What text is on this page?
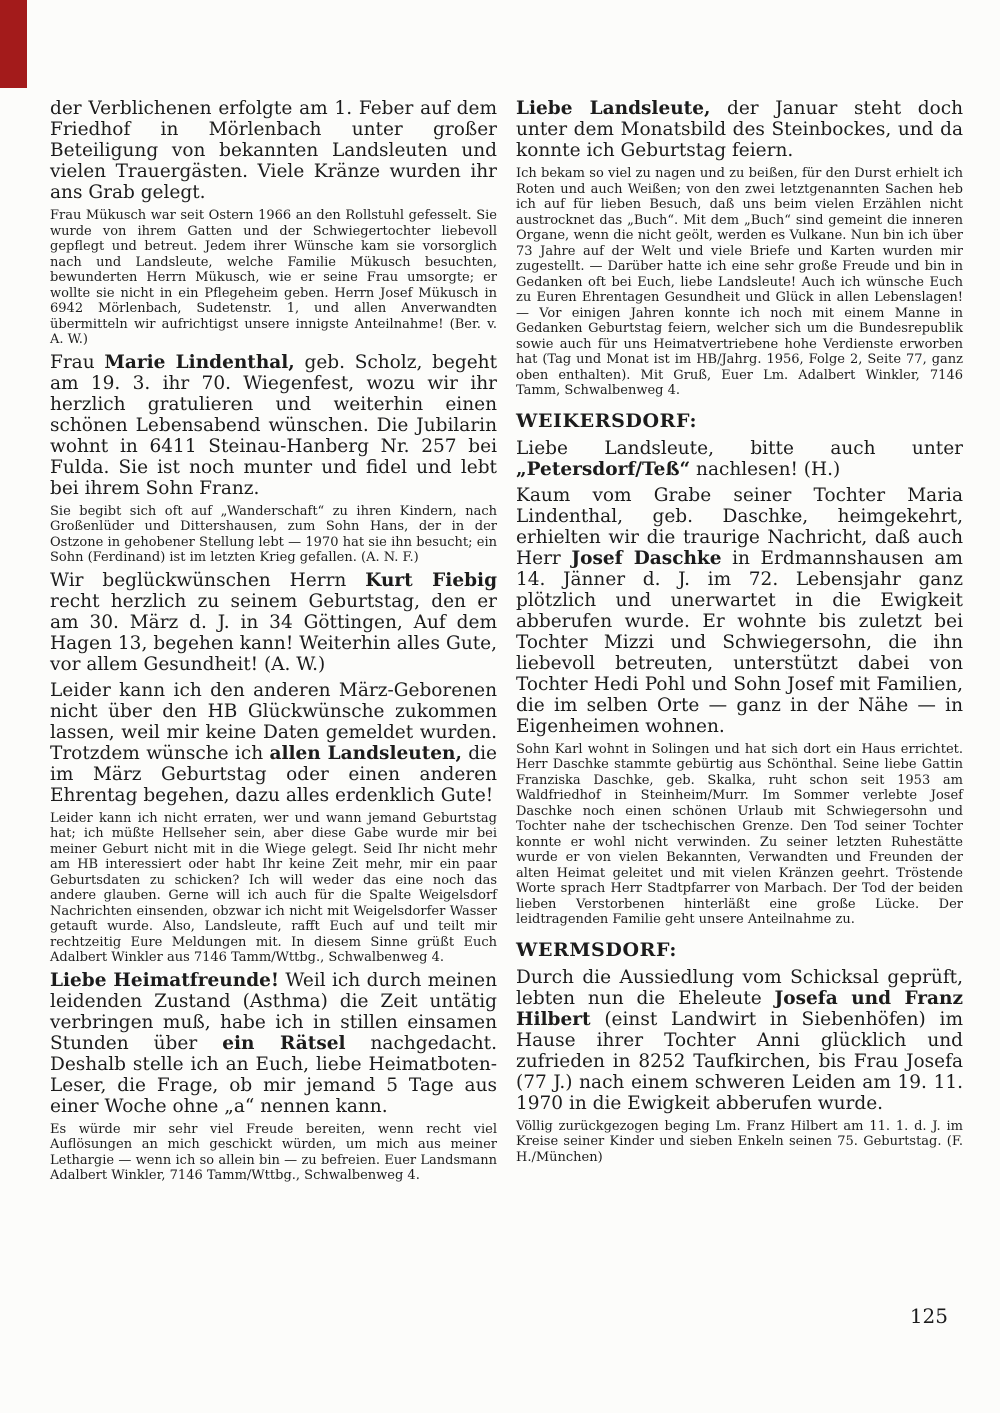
der Verblichenen erfolgte am 1. Feber auf dem Friedhof in Mörlenbach unter großer Beteiligung von bekannten Landsleuten und vielen Trauergästen. Viele Kränze wurden ihr ans Grab gelegt.

Frau Mükusch war seit Ostern 1966 an den Rollstuhl gefesselt. Sie wurde von ihrem Gatten und der Schwiegertochter liebevoll gepflegt und betreut. Jedem ihrer Wünsche kam sie vorsorglich nach und Landsleute, welche Familie Mükusch besuchten, bewunderten Herrn Mükusch, wie er seine Frau umsorgte; er wollte sie nicht in ein Pflegeheim geben. Herrn Josef Mükusch in 6942 Mörlenbach, Sudetenstr. 1, und allen Anverwandten übermitteln wir aufrichtigst unsere innigste Anteilnahme! (Ber. v. A. W.)

Frau Marie Lindenthal, geb. Scholz, begeht am 19. 3. ihr 70. Wiegenfest, wozu wir ihr herzlich gratulieren und weiterhin einen schönen Lebensabend wünschen. Die Jubilarin wohnt in 6411 Steinau-Hanberg Nr. 257 bei Fulda. Sie ist noch munter und fidel und lebt bei ihrem Sohn Franz.

Sie begibt sich oft auf „Wanderschaft“ zu ihren Kindern, nach Großenlüder und Dittershausen, zum Sohn Hans, der in der Ostzone in gehobener Stellung lebt — 1970 hat sie ihn besucht; ein Sohn (Ferdinand) ist im letzten Krieg gefallen. (A. N. F.)

Wir beglückwünschen Herrn Kurt Fiebig recht herzlich zu seinem Geburtstag, den er am 30. März d. J. in 34 Göttingen, Auf dem Hagen 13, begehen kann! Weiterhin alles Gute, vor allem Gesundheit! (A. W.)

Leider kann ich den anderen März-Geborenen nicht über den HB Glückwünsche zukommen lassen, weil mir keine Daten gemeldet wurden. Trotzdem wünsche ich allen Landsleuten, die im März Geburtstag oder einen anderen Ehrentag begehen, dazu alles erdenklich Gute!

Leider kann ich nicht erraten, wer und wann jemand Geburtstag hat; ich müßte Hellseher sein, aber diese Gabe wurde mir bei meiner Geburt nicht mit in die Wiege gelegt. Seid Ihr nicht mehr am HB interessiert oder habt Ihr keine Zeit mehr, mir ein paar Geburtsdaten zu schicken? Ich will weder das eine noch das andere glauben. Gerne will ich auch für die Spalte Weigelsdorf Nachrichten einsenden, obzwar ich nicht mit Weigelsdorfer Wasser getauft wurde. Also, Landsleute, rafft Euch auf und teilt mir rechtzeitig Eure Meldungen mit. In diesem Sinne grüßt Euch Adalbert Winkler aus 7146 Tamm/Wttbg., Schwalbenweg 4.

Liebe Heimatfreunde! Weil ich durch meinen leidenden Zustand (Asthma) die Zeit untätig verbringen muß, habe ich in stillen einsamen Stunden über ein Rätsel nachgedacht. Deshalb stelle ich an Euch, liebe Heimatboten-Leser, die Frage, ob mir jemand 5 Tage aus einer Woche ohne „a“ nennen kann.

Es würde mir sehr viel Freude bereiten, wenn recht viel Auflösungen an mich geschickt würden, um mich aus meiner Lethargie — wenn ich so allein bin — zu befreien. Euer Landsmann Adalbert Winkler, 7146 Tamm/Wttbg., Schwalbenweg 4.

Liebe Landsleute, der Januar steht doch unter dem Monatsbild des Steinbockes, und da konnte ich Geburtstag feiern.

Ich bekam so viel zu nagen und zu beißen, für den Durst erhielt ich Roten und auch Weißen; von den zwei letztgenannten Sachen heb ich auf für lieben Besuch, daß uns beim vielen Erzählen nicht austrocknet das „Buch“. Mit dem „Buch“ sind gemeint die inneren Organe, wenn die nicht geölt, werden es Vulkane. Nun bin ich über 73 Jahre auf der Welt und viele Briefe und Karten wurden mir zugestellt. — Darüber hatte ich eine sehr große Freude und bin in Gedanken oft bei Euch, liebe Landsleute! Auch ich wünsche Euch zu Euren Ehrentagen Gesundheit und Glück in allen Lebenslagen! — Vor einigen Jahren konnte ich noch mit einem Manne in Gedanken Geburtstag feiern, welcher sich um die Bundesrepublik sowie auch für uns Heimatvertriebene hohe Verdienste erworben hat (Tag und Monat ist im HB/Jahrg. 1956, Folge 2, Seite 77, ganz oben enthalten). Mit Gruß, Euer Lm. Adalbert Winkler, 7146 Tamm, Schwalbenweg 4.

WEIKERSDORF:

Liebe Landsleute, bitte auch unter „Petersdorf/Teß“ nachlesen! (H.)

Kaum vom Grabe seiner Tochter Maria Lindenthal, geb. Daschke, heimgekehrt, erhielten wir die traurige Nachricht, daß auch Herr Josef Daschke in Erdmannshausen am 14. Jänner d. J. im 72. Lebensjahr ganz plötzlich und unerwartet in die Ewigkeit abberufen wurde. Er wohnte bis zuletzt bei Tochter Mizzi und Schwiegersohn, die ihn liebevoll betreuten, unterstützt dabei von Tochter Hedi Pohl und Sohn Josef mit Familien, die im selben Orte — ganz in der Nähe — in Eigenheimen wohnen.

Sohn Karl wohnt in Solingen und hat sich dort ein Haus errichtet. Herr Daschke stammte gebürtig aus Schönthal. Seine liebe Gattin Franziska Daschke, geb. Skalka, ruht schon seit 1953 am Waldfriedhof in Steinheim/Murr. Im Sommer verlebte Josef Daschke noch einen schönen Urlaub mit Schwiegersohn und Tochter nahe der tschechischen Grenze. Den Tod seiner Tochter konnte er wohl nicht verwinden. Zu seiner letzten Ruhestätte wurde er von vielen Bekannten, Verwandten und Freunden der alten Heimat geleitet und mit vielen Kränzen geehrt. Tröstende Worte sprach Herr Stadtpfarrer von Marbach. Der Tod der beiden lieben Verstorbenen hinterläßt eine große Lücke. Der leidtragenden Familie geht unsere Anteilnahme zu.

WERMSDORF:

Durch die Aussiedlung vom Schicksal geprüft, lebten nun die Eheleute Josefa und Franz Hilbert (einst Landwirt in Siebenhöfen) im Hause ihrer Tochter Anni glücklich und zufrieden in 8252 Taufkirchen, bis Frau Josefa (77 J.) nach einem schweren Leiden am 19. 11. 1970 in die Ewigkeit abberufen wurde.

Völlig zurückgezogen beging Lm. Franz Hilbert am 11. 1. d. J. im Kreise seiner Kinder und sieben Enkeln seinen 75. Geburtstag. (F. H./München)

125
